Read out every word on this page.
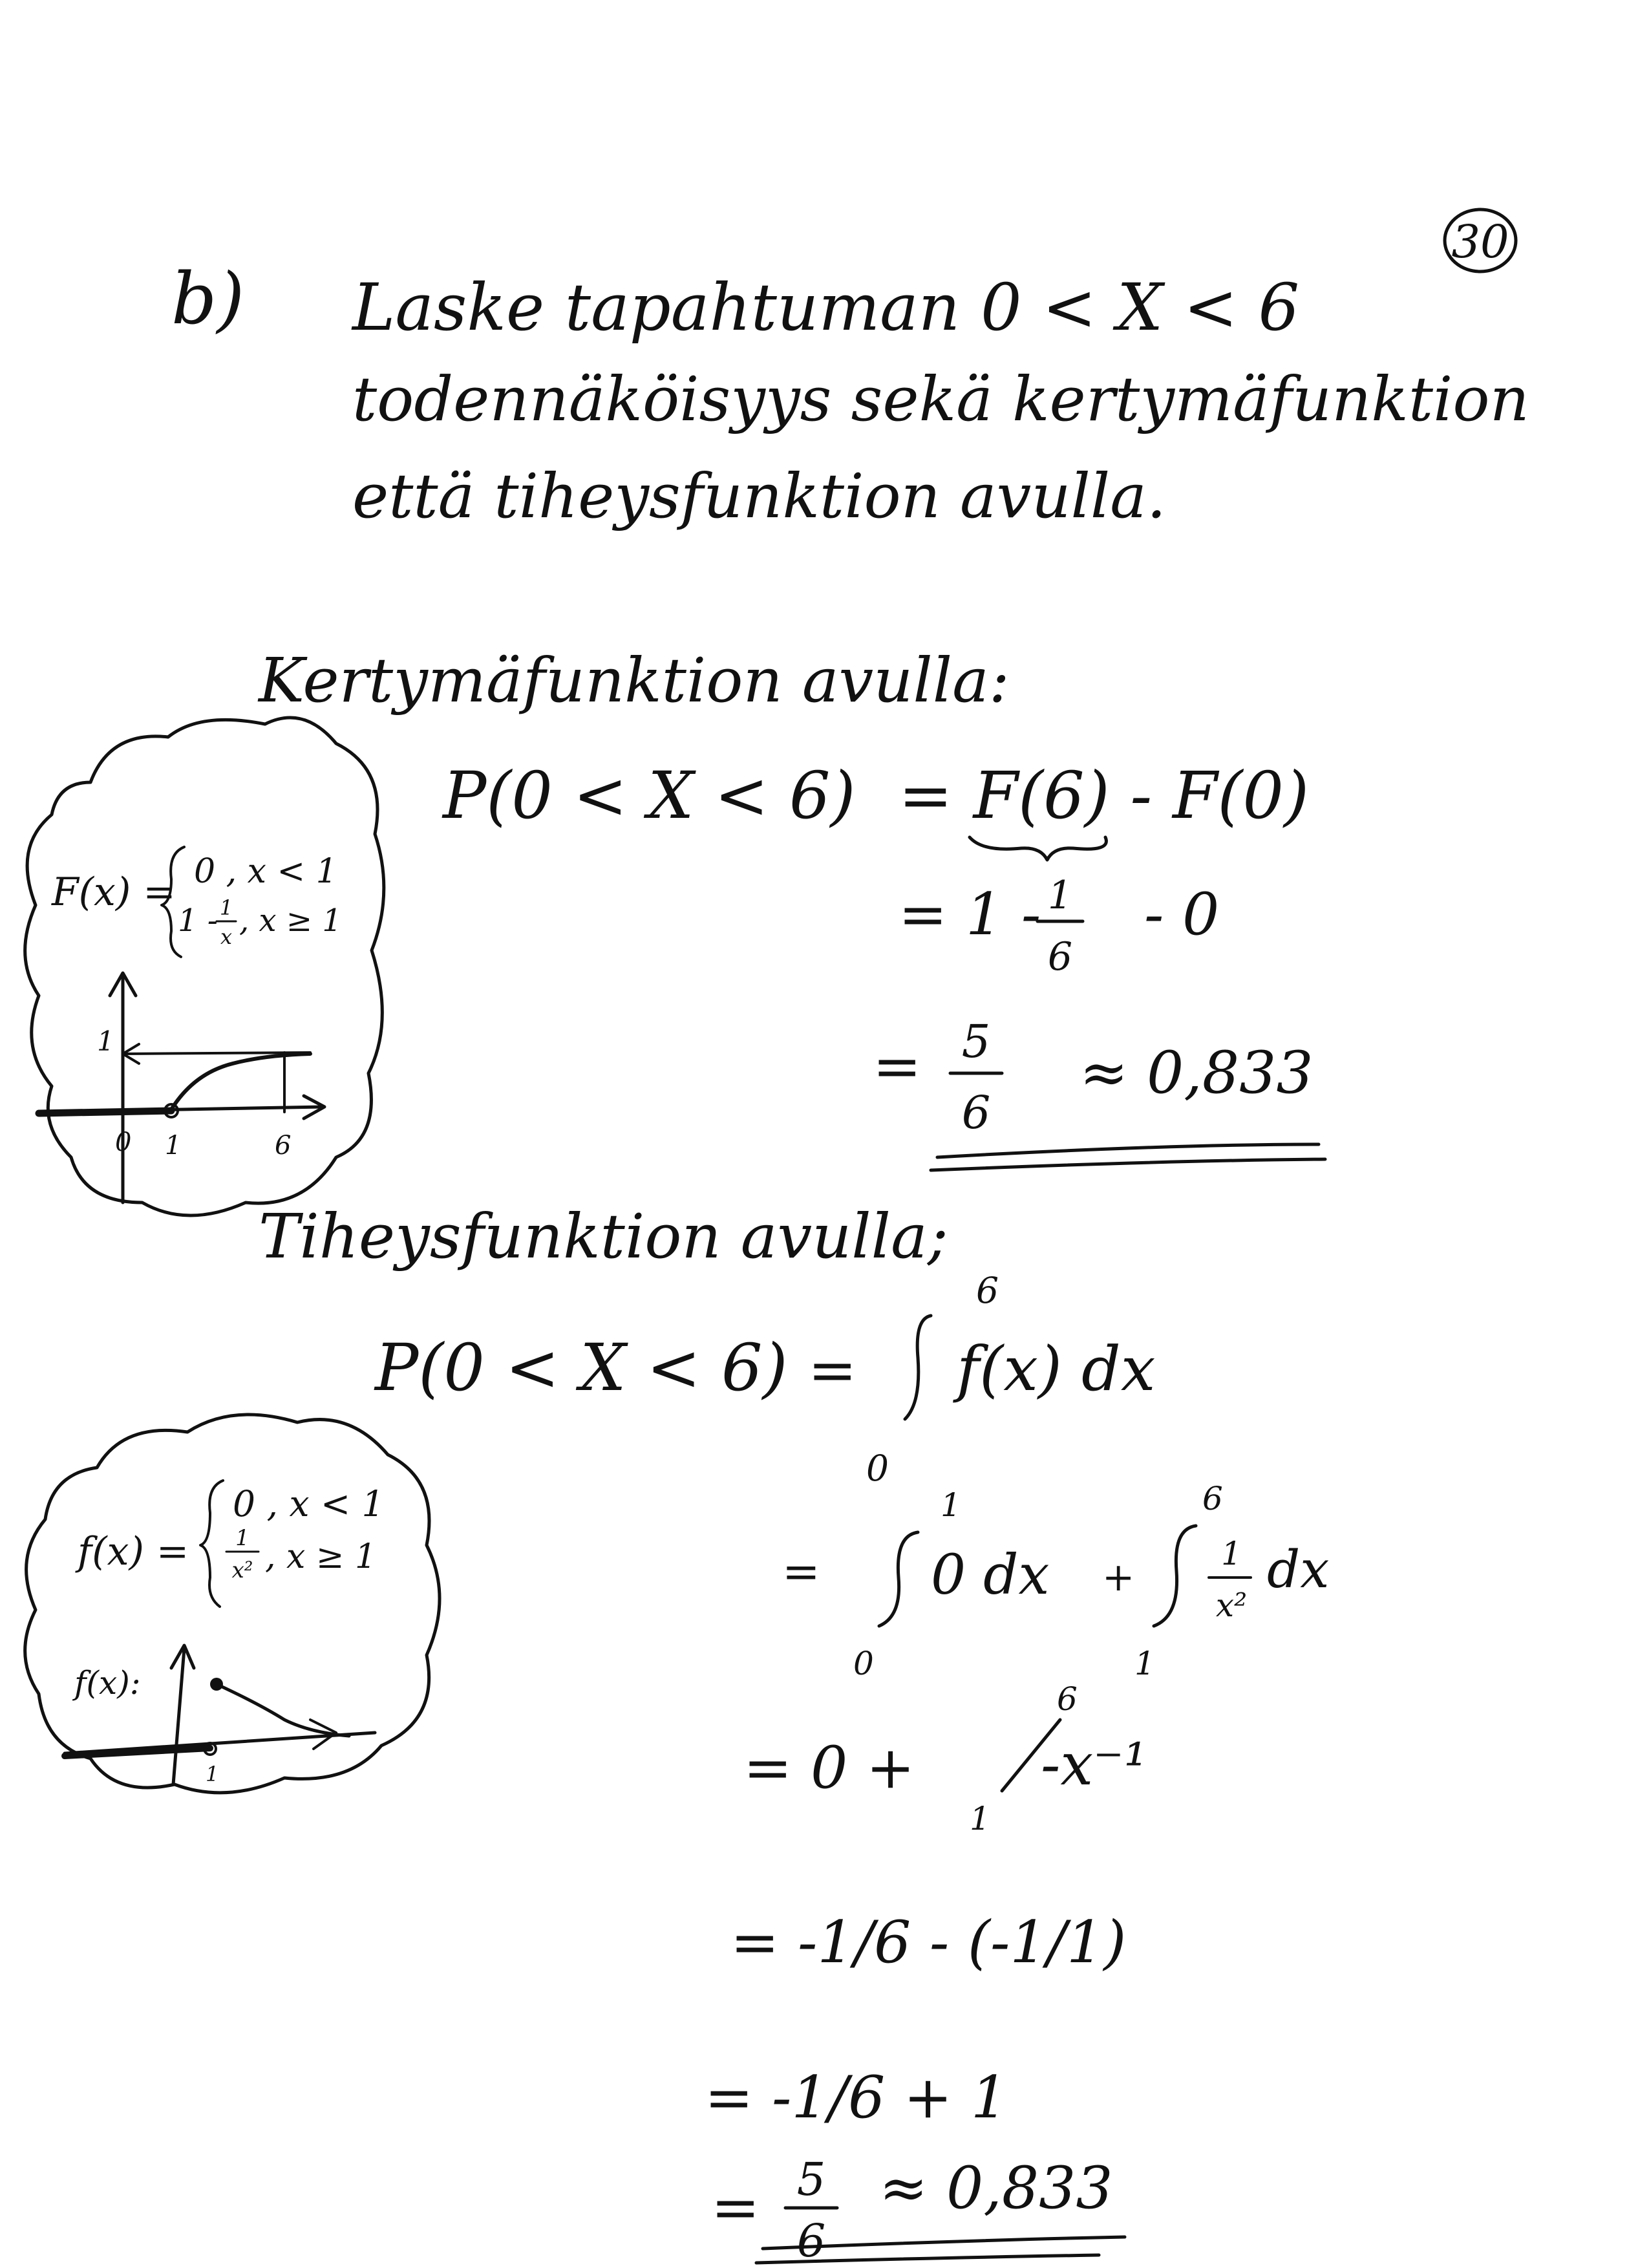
30
b) Laske tapahtuman 0 < X < 6
todennäköisyys sekä kertymäfunktion
että tiheysfunktion avulla.
Kertymäfunktion avulla:
P(0 < X < 6) = F(6) - F(0)
= 1 - 1
6
- 0
= 5
6
≈ 0,833
F(x) = 0 , x < 1
1 - 1
x , x ≥ 1
1
0 1	6
Tiheysfunktion avulla;
P(0 < X < 6) =
6
0
f(x) dx
=
1
0
0 dx +
6
1
1
x²
dx
= 0 +
6
1
-x⁻¹
= -1/6 - (-1/1)
= -1/6 + 1
= 5
6
≈ 0,833
f(x) =
0 , x < 1
1
x² , x ≥ 1
f(x):
1
